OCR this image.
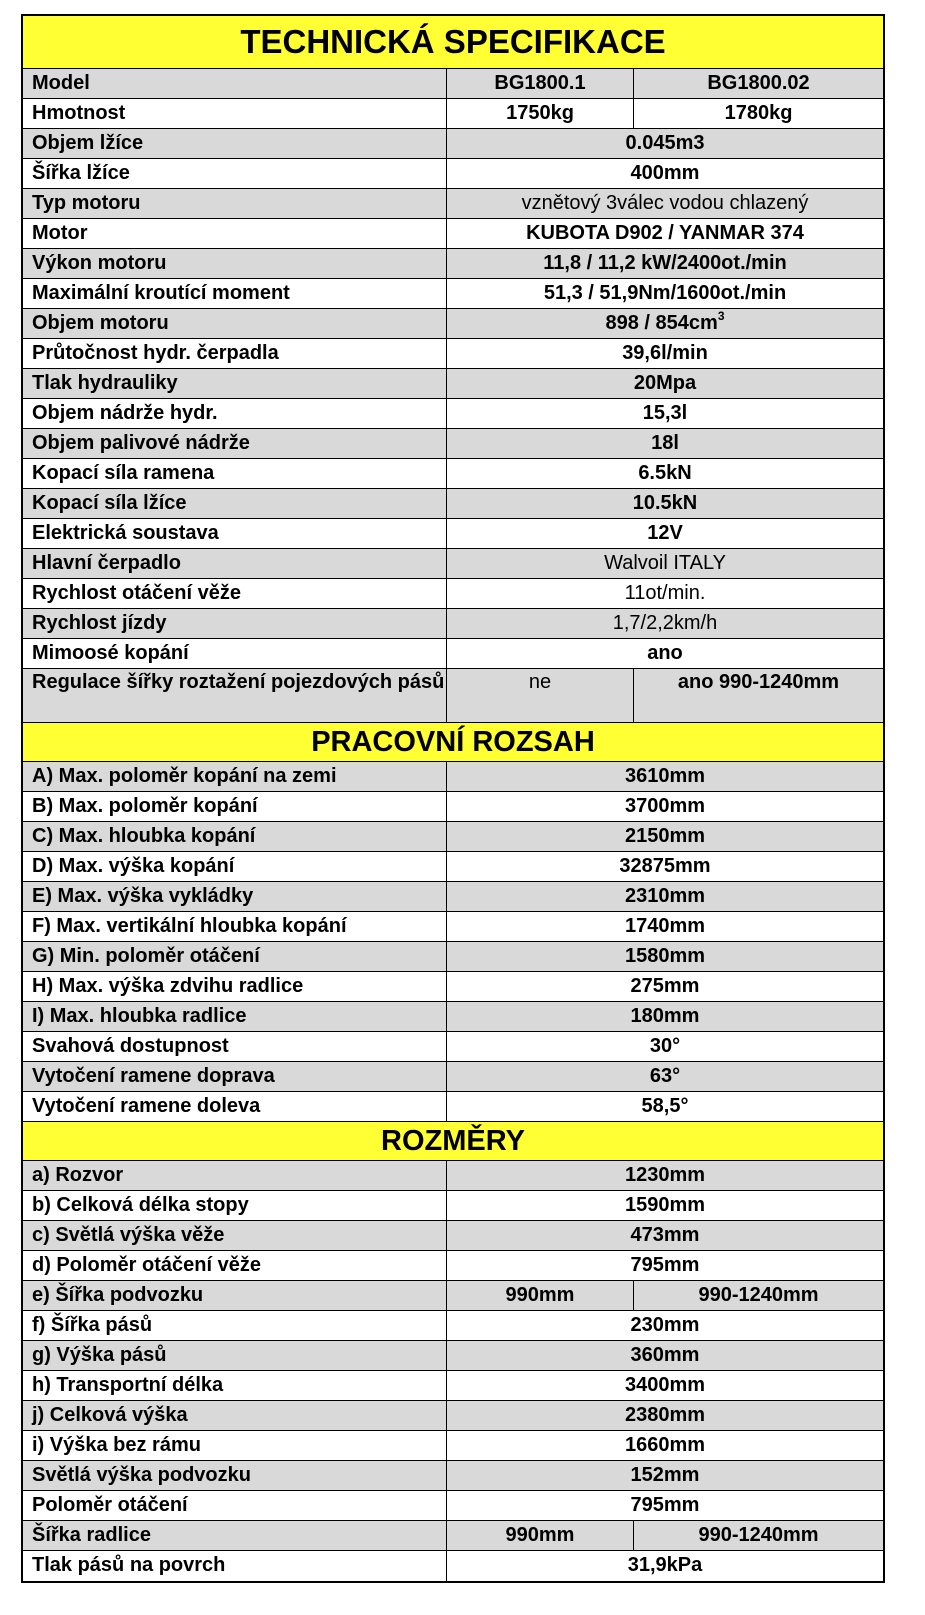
TECHNICKÁ SPECIFIKACE
Model	BG1800.1	BG1800.02
Hmotnost	1750kg	1780kg
Objem lžíce	0.045m3
Šířka lžíce	400mm
Typ motoru	vznětový 3válec vodou chlazený
Motor	KUBOTA D902 / YANMAR 374
Výkon motoru	11,8 / 11,2 kW/2400ot./min
Maximální kroutící moment	51,3 / 51,9Nm/1600ot./min
Objem motoru	$898 / 854cm^3$
Průtočnost hydr. čerpadla	39,6l/min
Tlak hydrauliky	20Mpa
Objem nádrže hydr.	15,3l
Objem palivové nádrže	18l
Kopací síla ramena	6.5kN
Kopací síla lžíce	10.5kN
Elektrická soustava	12V
Hlavní čerpadlo	Walvoil ITALY
Rychlost otáčení věže	11ot/min.
Rychlost jízdy	1,7/2,2km/h
Mimoosé kopání	ano
Regulace šířky roztažení pojezdových pásů	ne	ano 990-1240mm
PRACOVNÍ ROZSAH
A) Max. poloměr kopání na zemi	3610mm
B) Max. poloměr kopání	3700mm
C) Max. hloubka kopání	2150mm
D) Max. výška kopání	32875mm
E) Max. výška vykládky	2310mm
F) Max. vertikální hloubka kopání	1740mm
G) Min. poloměr otáčení	1580mm
H) Max. výška zdvihu radlice	275mm
I) Max. hloubka radlice	180mm
Svahová dostupnost	30°
Vytočení ramene doprava	63°
Vytočení ramene doleva	58,5°
ROZMĚRY
a) Rozvor	1230mm
b) Celková délka stopy	1590mm
c) Světlá výška věže	473mm
d) Poloměr otáčení věže	795mm
e) Šířka podvozku	990mm	990-1240mm
f) Šířka pásů	230mm
g) Výška pásů	360mm
h) Transportní délka	3400mm
j) Celková výška	2380mm
i) Výška bez rámu	1660mm
Světlá výška podvozku	152mm
Poloměr otáčení	795mm
Šířka radlice	990mm	990-1240mm
Tlak pásů na povrch	31,9kPa
